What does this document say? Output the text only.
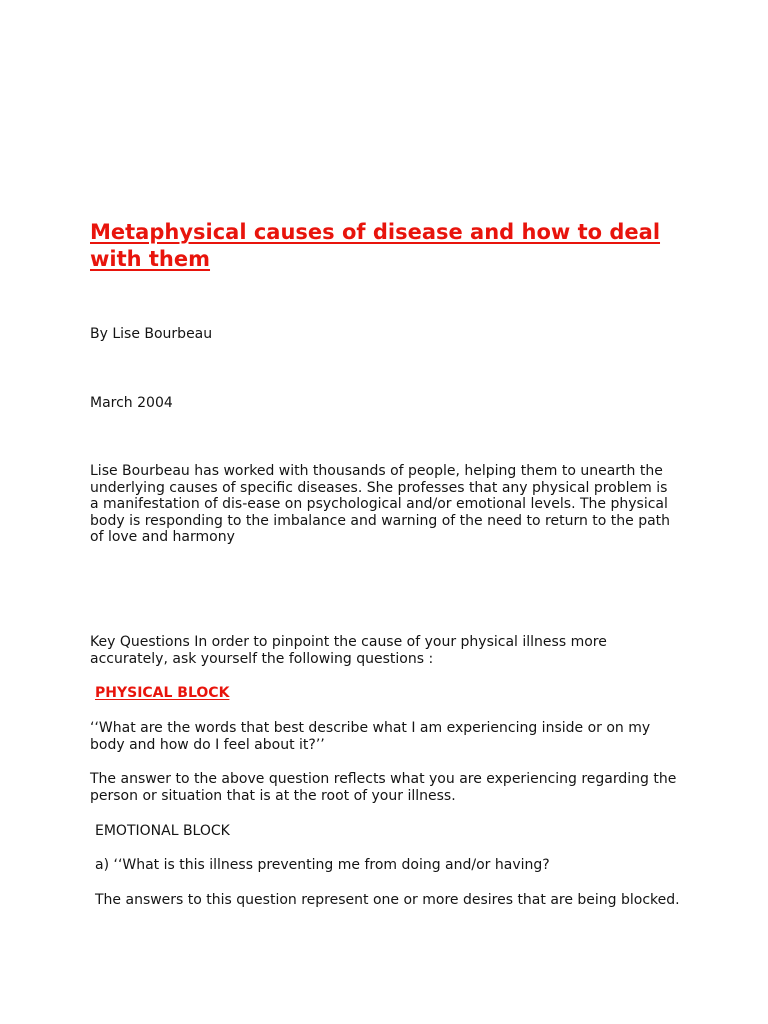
Metaphysical causes of disease and how to deal with them

By Lise Bourbeau

March 2004

Lise Bourbeau has worked with thousands of people, helping them to unearth the underlying causes of specific diseases. She professes that any physical problem is a manifestation of dis-ease on psychological and/or emotional levels. The physical body is responding to the imbalance and warning of the need to return to the path of love and harmony

Key Questions In order to pinpoint the cause of your physical illness more accurately, ask yourself the following questions :

PHYSICAL BLOCK

‘‘What are the words that best describe what I am experiencing inside or on my body and how do I feel about it?’’

The answer to the above question reflects what you are experiencing regarding the person or situation that is at the root of your illness.

EMOTIONAL BLOCK

a) ‘‘What is this illness preventing me from doing and/or having?

The answers to this question represent one or more desires that are being blocked.
